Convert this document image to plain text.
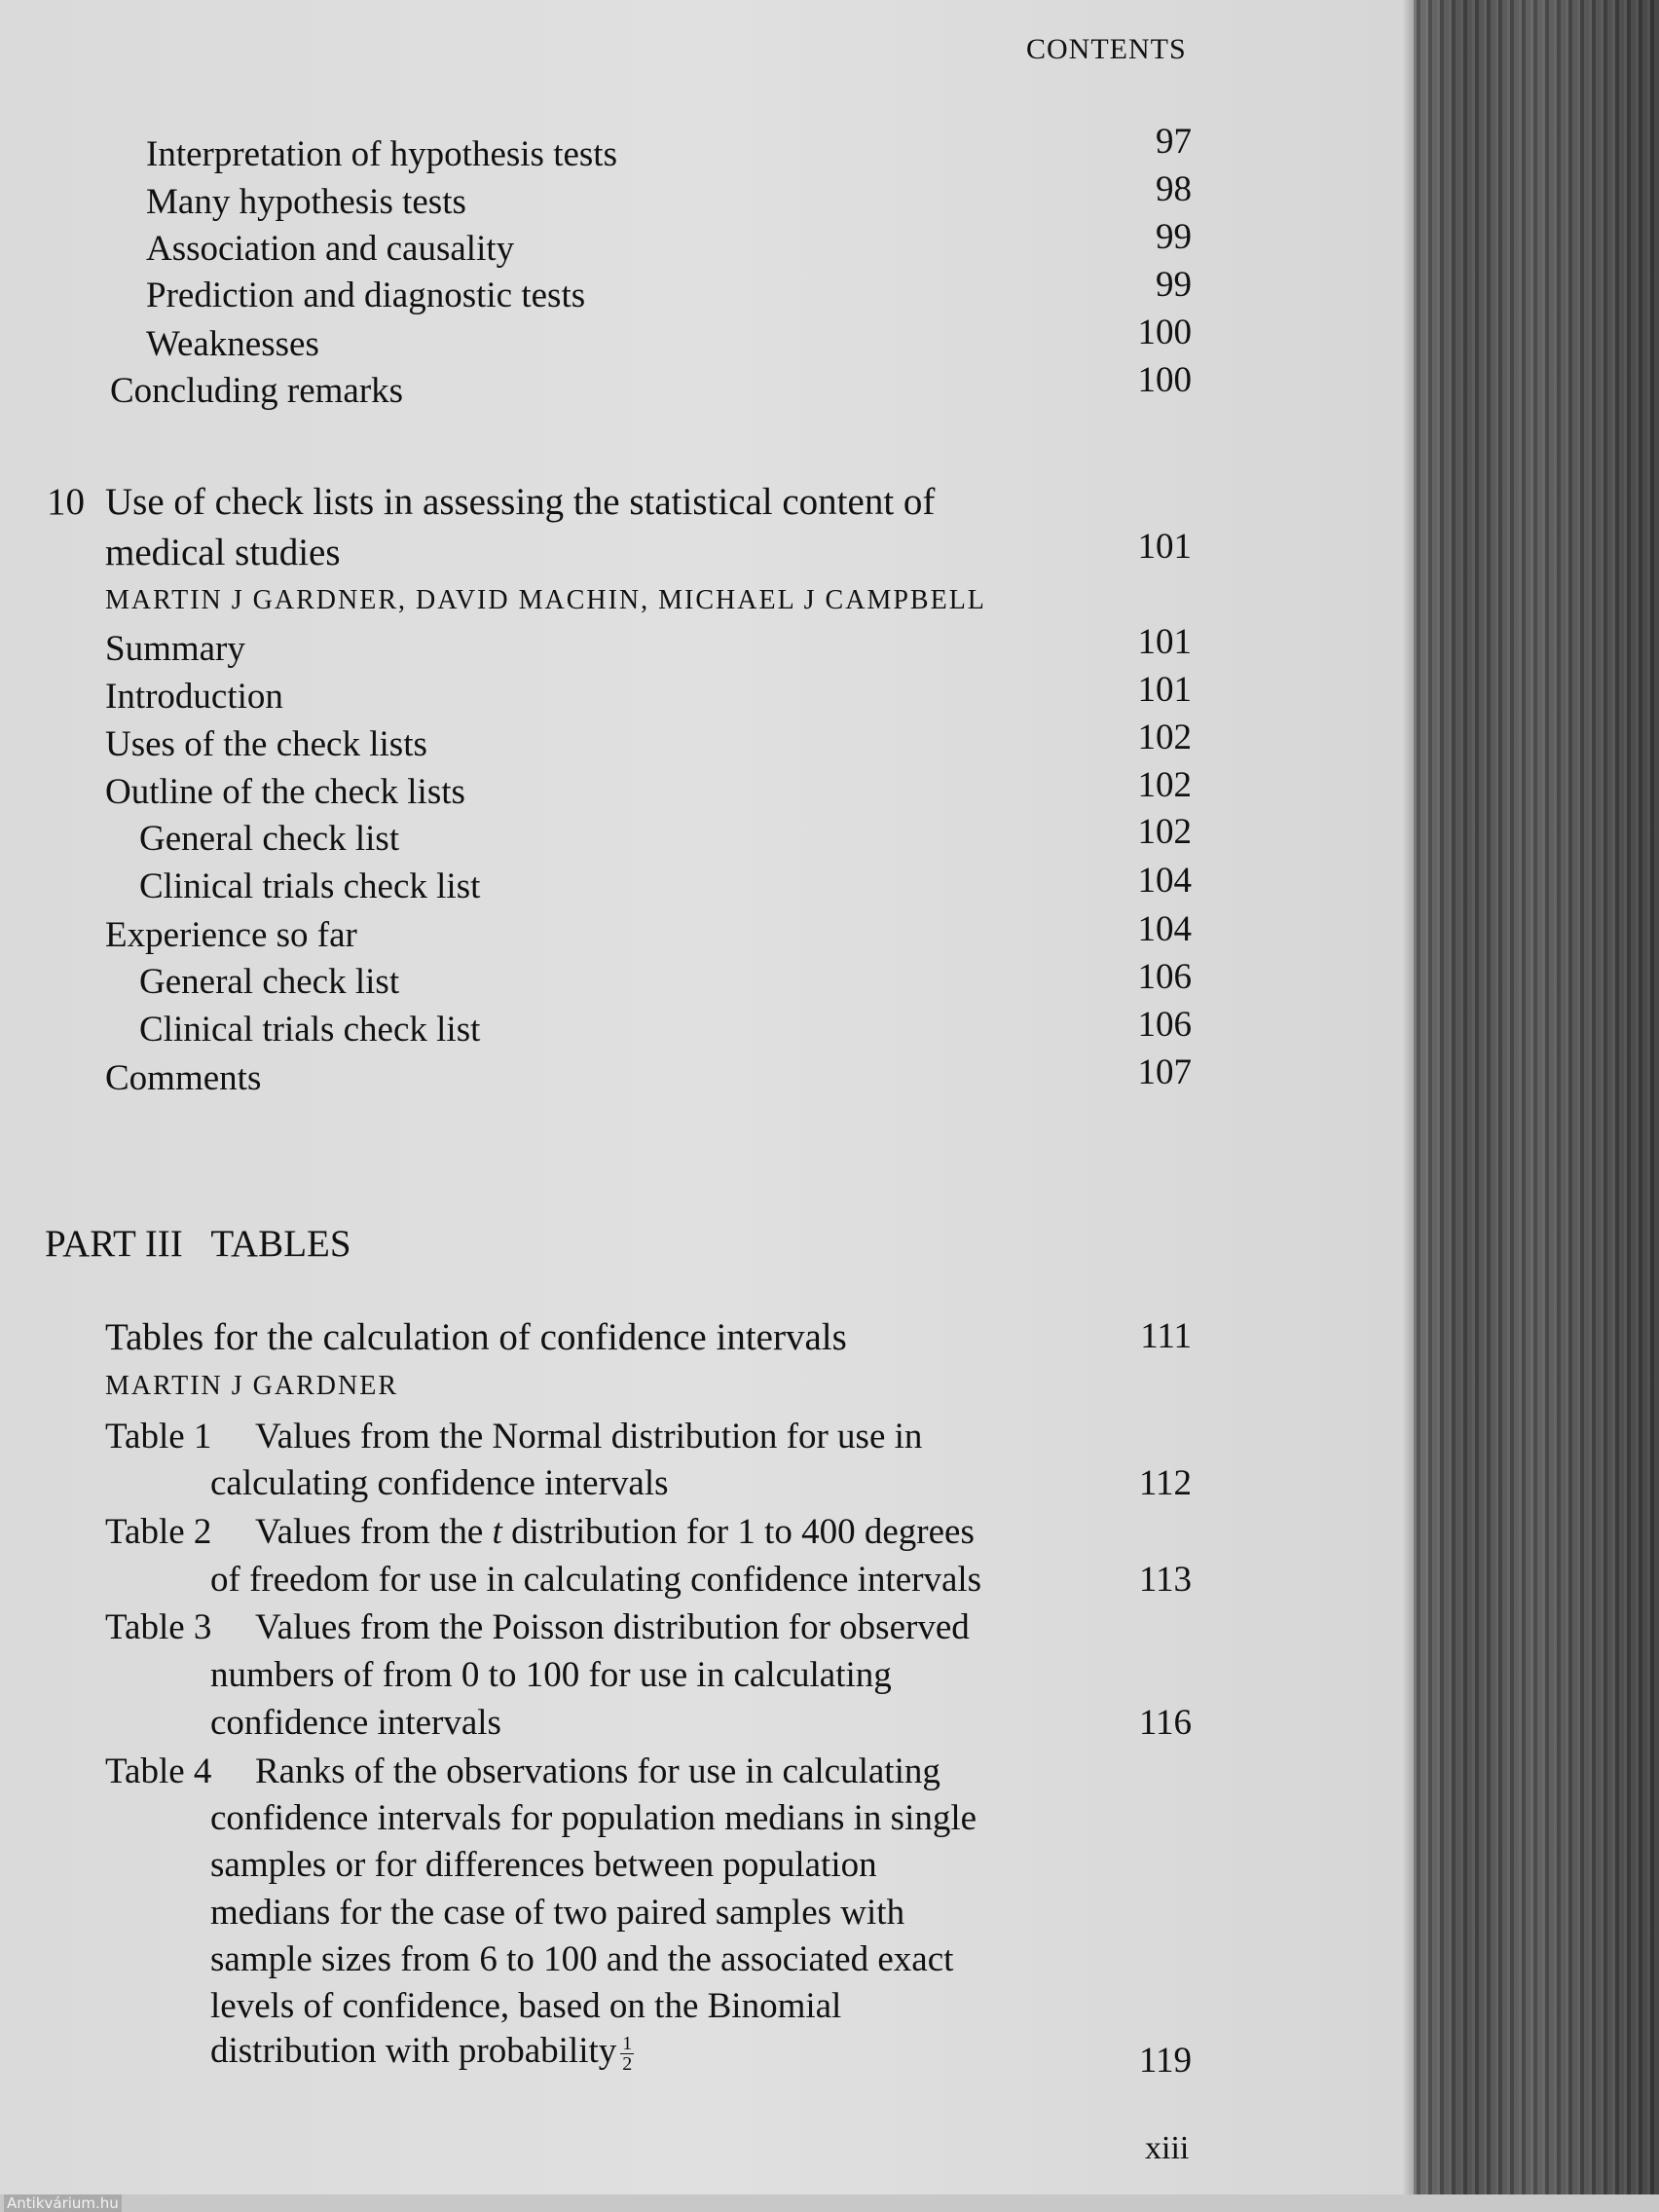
CONTENTS
Interpretation of hypothesis tests	97
Many hypothesis tests	98
Association and causality	99
Prediction and diagnostic tests	99
Weaknesses	100
Concluding remarks	100
10 Use of check lists in assessing the statistical content of
medical studies	101
MARTIN J GARDNER, DAVID MACHIN, MICHAEL J CAMPBELL
Summary	101
Introduction	101
Uses of the check lists	102
Outline of the check lists	102
General check list	102
Clinical trials check list	104
Experience so far	104
General check list	106
Clinical trials check list	106
Comments	107
PART III   TABLES
Tables for the calculation of confidence intervals	111
MARTIN J GARDNER
Table 1 Values from the Normal distribution for use in
calculating confidence intervals	112
Table 2 Values from the t distribution for 1 to 400 degrees
of freedom for use in calculating confidence intervals	113
Table 3 Values from the Poisson distribution for observed
numbers of from 0 to 100 for use in calculating
confidence intervals	116
Table 4 Ranks of the observations for use in calculating
confidence intervals for population medians in single
samples or for differences between population
medians for the case of two paired samples with
sample sizes from 6 to 100 and the associated exact
levels of confidence, based on the Binomial
distribution with probability $\frac{1}{2}$	119
xiii
Antikvárium.hu
